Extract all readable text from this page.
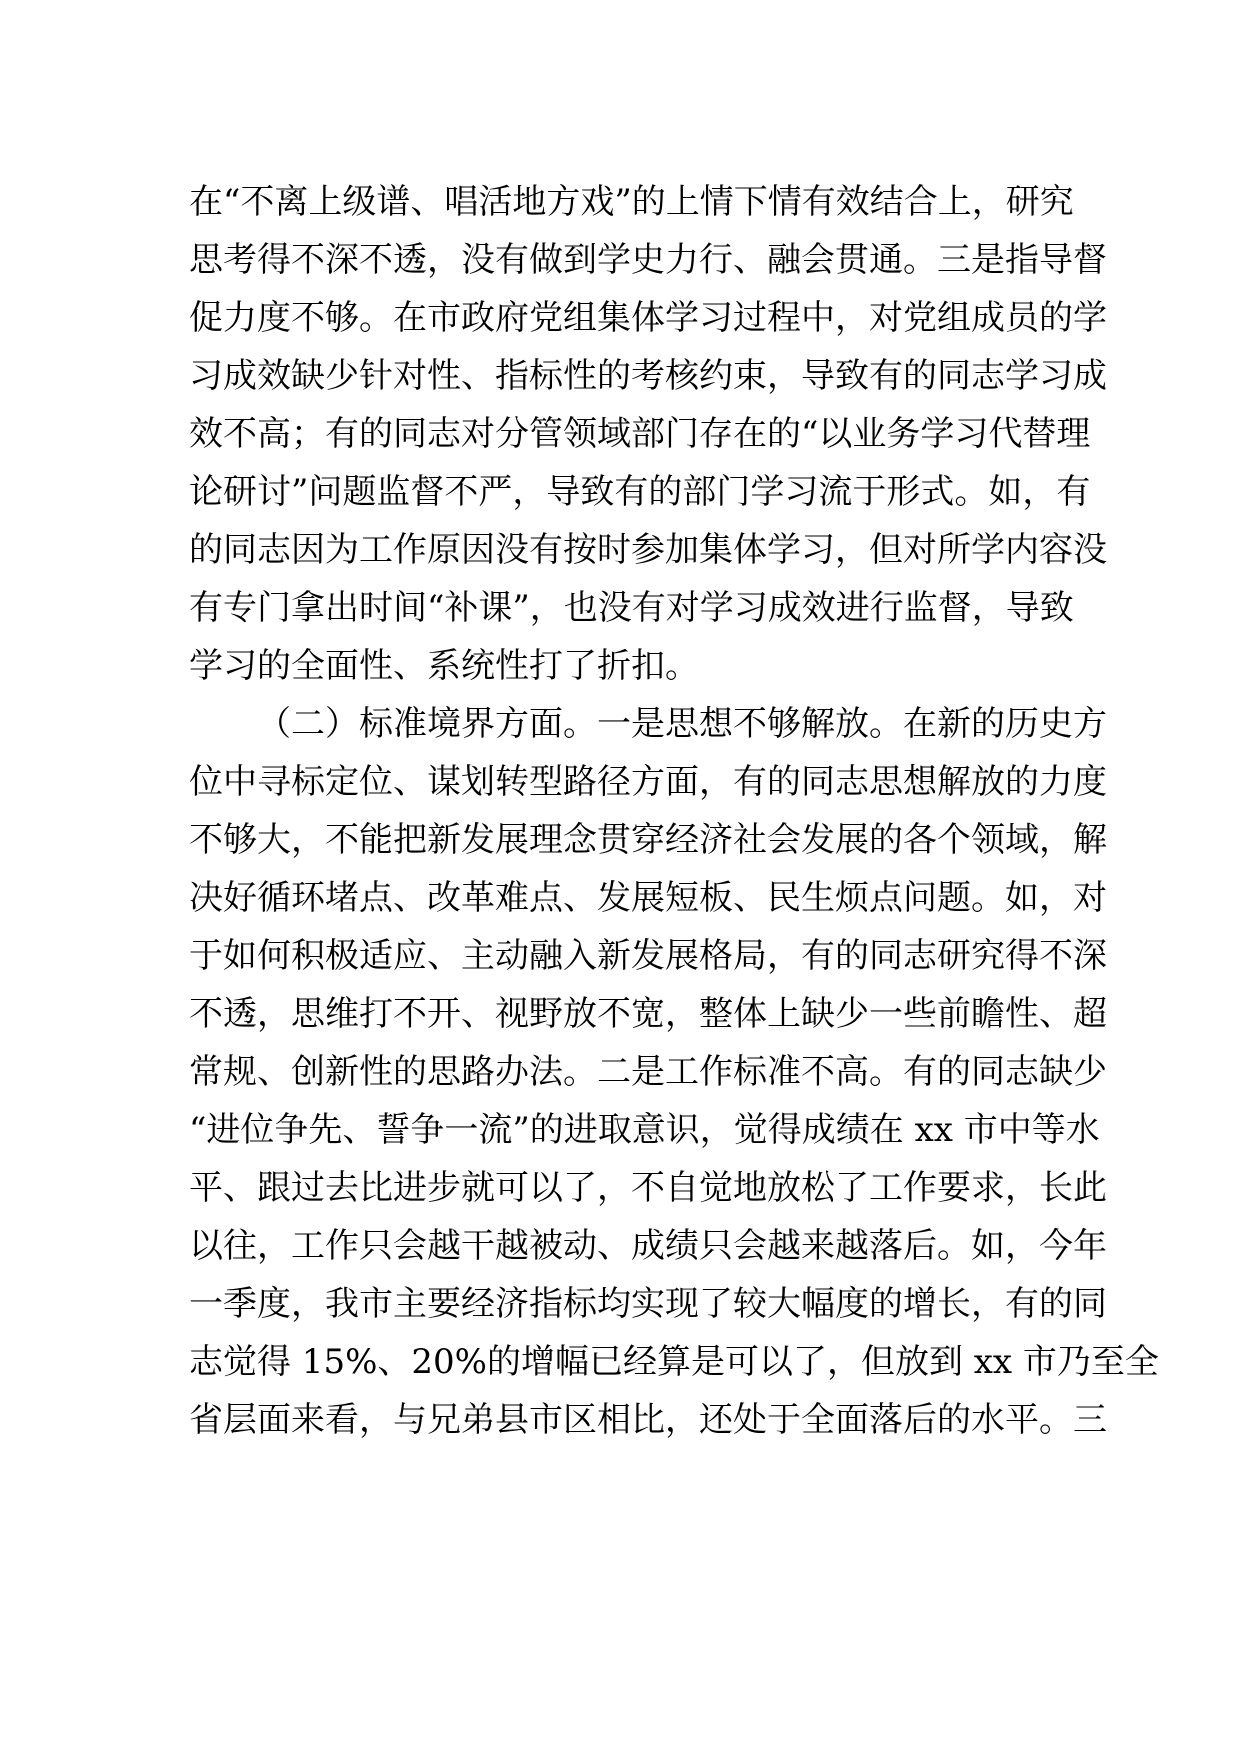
在“不离上级谱、唱活地方戏”的上情下情有效结合上，研究
思考得不深不透，没有做到学史力行、融会贯通。三是指导督
促力度不够。在市政府党组集体学习过程中，对党组成员的学
习成效缺少针对性、指标性的考核约束，导致有的同志学习成
效不高；有的同志对分管领域部门存在的“以业务学习代替理
论研讨”问题监督不严，导致有的部门学习流于形式。如，有
的同志因为工作原因没有按时参加集体学习，但对所学内容没
有专门拿出时间“补课”，也没有对学习成效进行监督，导致
学习的全面性、系统性打了折扣。
（二）标准境界方面。一是思想不够解放。在新的历史方
位中寻标定位、谋划转型路径方面，有的同志思想解放的力度
不够大，不能把新发展理念贯穿经济社会发展的各个领域，解
决好循环堵点、改革难点、发展短板、民生烦点问题。如，对
于如何积极适应、主动融入新发展格局，有的同志研究得不深
不透，思维打不开、视野放不宽，整体上缺少一些前瞻性、超
常规、创新性的思路办法。二是工作标准不高。有的同志缺少
“进位争先、誓争一流”的进取意识，觉得成绩在 xx 市中等水
平、跟过去比进步就可以了，不自觉地放松了工作要求，长此
以往，工作只会越干越被动、成绩只会越来越落后。如，今年
一季度，我市主要经济指标均实现了较大幅度的增长，有的同
志觉得 15%、20%的增幅已经算是可以了，但放到 xx 市乃至全
省层面来看，与兄弟县市区相比，还处于全面落后的水平。三
